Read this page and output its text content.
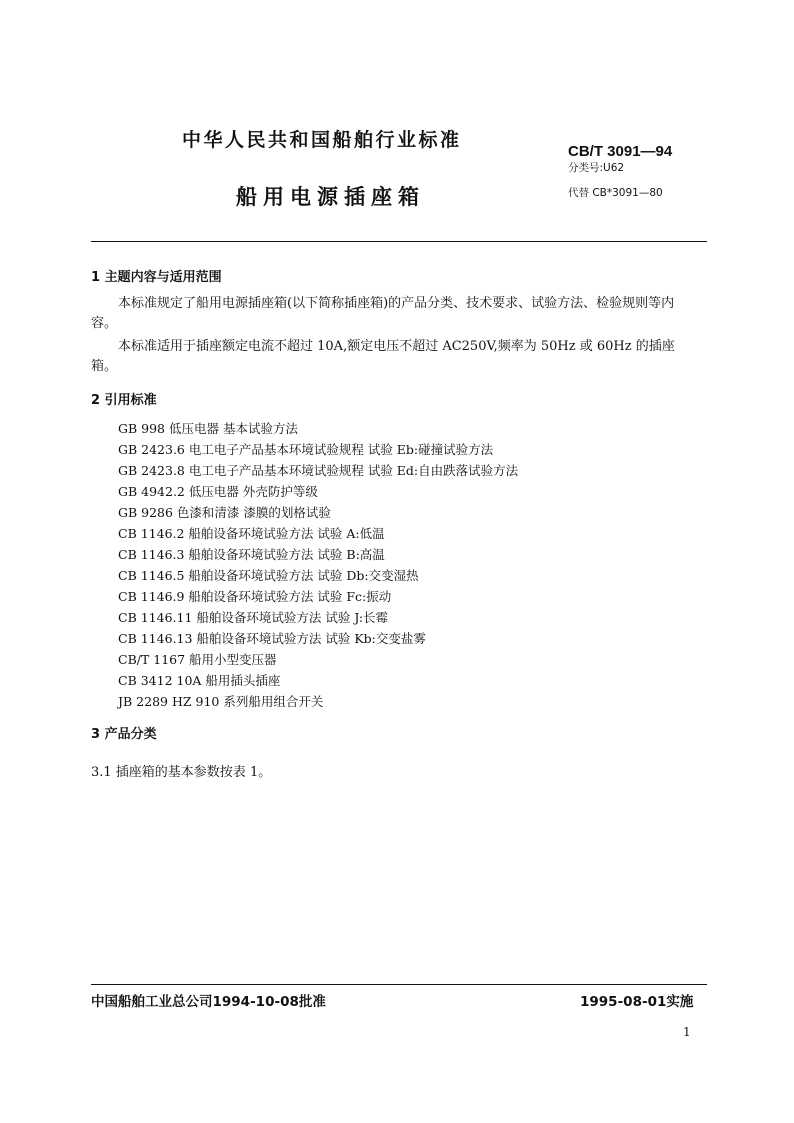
中华人民共和国船舶行业标准
CB/T 3091—94
分类号:U62
船用电源插座箱	代替 CB*3091—80
1 主题内容与适用范围
本标准规定了船用电源插座箱(以下简称插座箱)的产品分类、技术要求、试验方法、检验规则等内
容。
本标准适用于插座额定电流不超过 10A,额定电压不超过 AC250V,频率为 50Hz 或 60Hz 的插座
箱。
2 引用标准
GB 998 低压电器 基本试验方法
GB 2423.6 电工电子产品基本环境试验规程 试验 Eb:碰撞试验方法
GB 2423.8 电工电子产品基本环境试验规程 试验 Ed:自由跌落试验方法
GB 4942.2 低压电器 外壳防护等级
GB 9286 色漆和清漆 漆膜的划格试验
CB 1146.2 船舶设备环境试验方法 试验 A:低温
CB 1146.3 船舶设备环境试验方法 试验 B:高温
CB 1146.5 船舶设备环境试验方法 试验 Db:交变湿热
CB 1146.9 船舶设备环境试验方法 试验 Fc:振动
CB 1146.11 船舶设备环境试验方法 试验 J:长霉
CB 1146.13 船舶设备环境试验方法 试验 Kb:交变盐雾
CB/T 1167 船用小型变压器
CB 3412 10A 船用插头插座
JB 2289 HZ 910 系列船用组合开关
3 产品分类
3.1 插座箱的基本参数按表 1。
中国船舶工业总公司1994-10-08批准	1995-08-01实施
1
